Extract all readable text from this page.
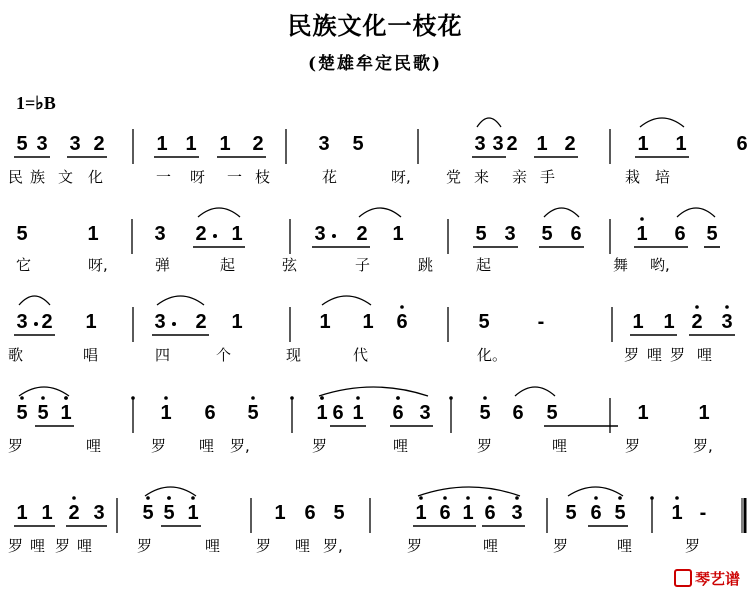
民族文化一枝花
(楚雄牟定民歌)
1=♭B
5 3 3 2	1 1 1 2	3 5	3 3 2 1 2	1 1 6
民 族 文 化	一 呀 一 枝	花	呀, 党 来 亲 手	栽 培
5	1	3 2 1	3 2 1	5 3 5 6	1 6 5
它	呀,	弹	起	弦	子	跳	起	舞 哟,
3 2 1	3 2 1	1 1 6	5 -	1 1 2 3
歌	唱	四	个	现	代	化。	罗 哩 罗 哩
5 5 1	1 6 5	1 6 1 6 3 5 6 5	1 1
罗	哩	罗 哩 罗,	罗	哩	罗	哩	罗	罗,
1 1 2 3 5 5 1	1 6 5	1 6 1 6 3 5 6 5 1 -
罗 哩 罗 哩	罗	哩 罗 哩 罗,	罗	哩	罗	哩	罗
琴艺谱
